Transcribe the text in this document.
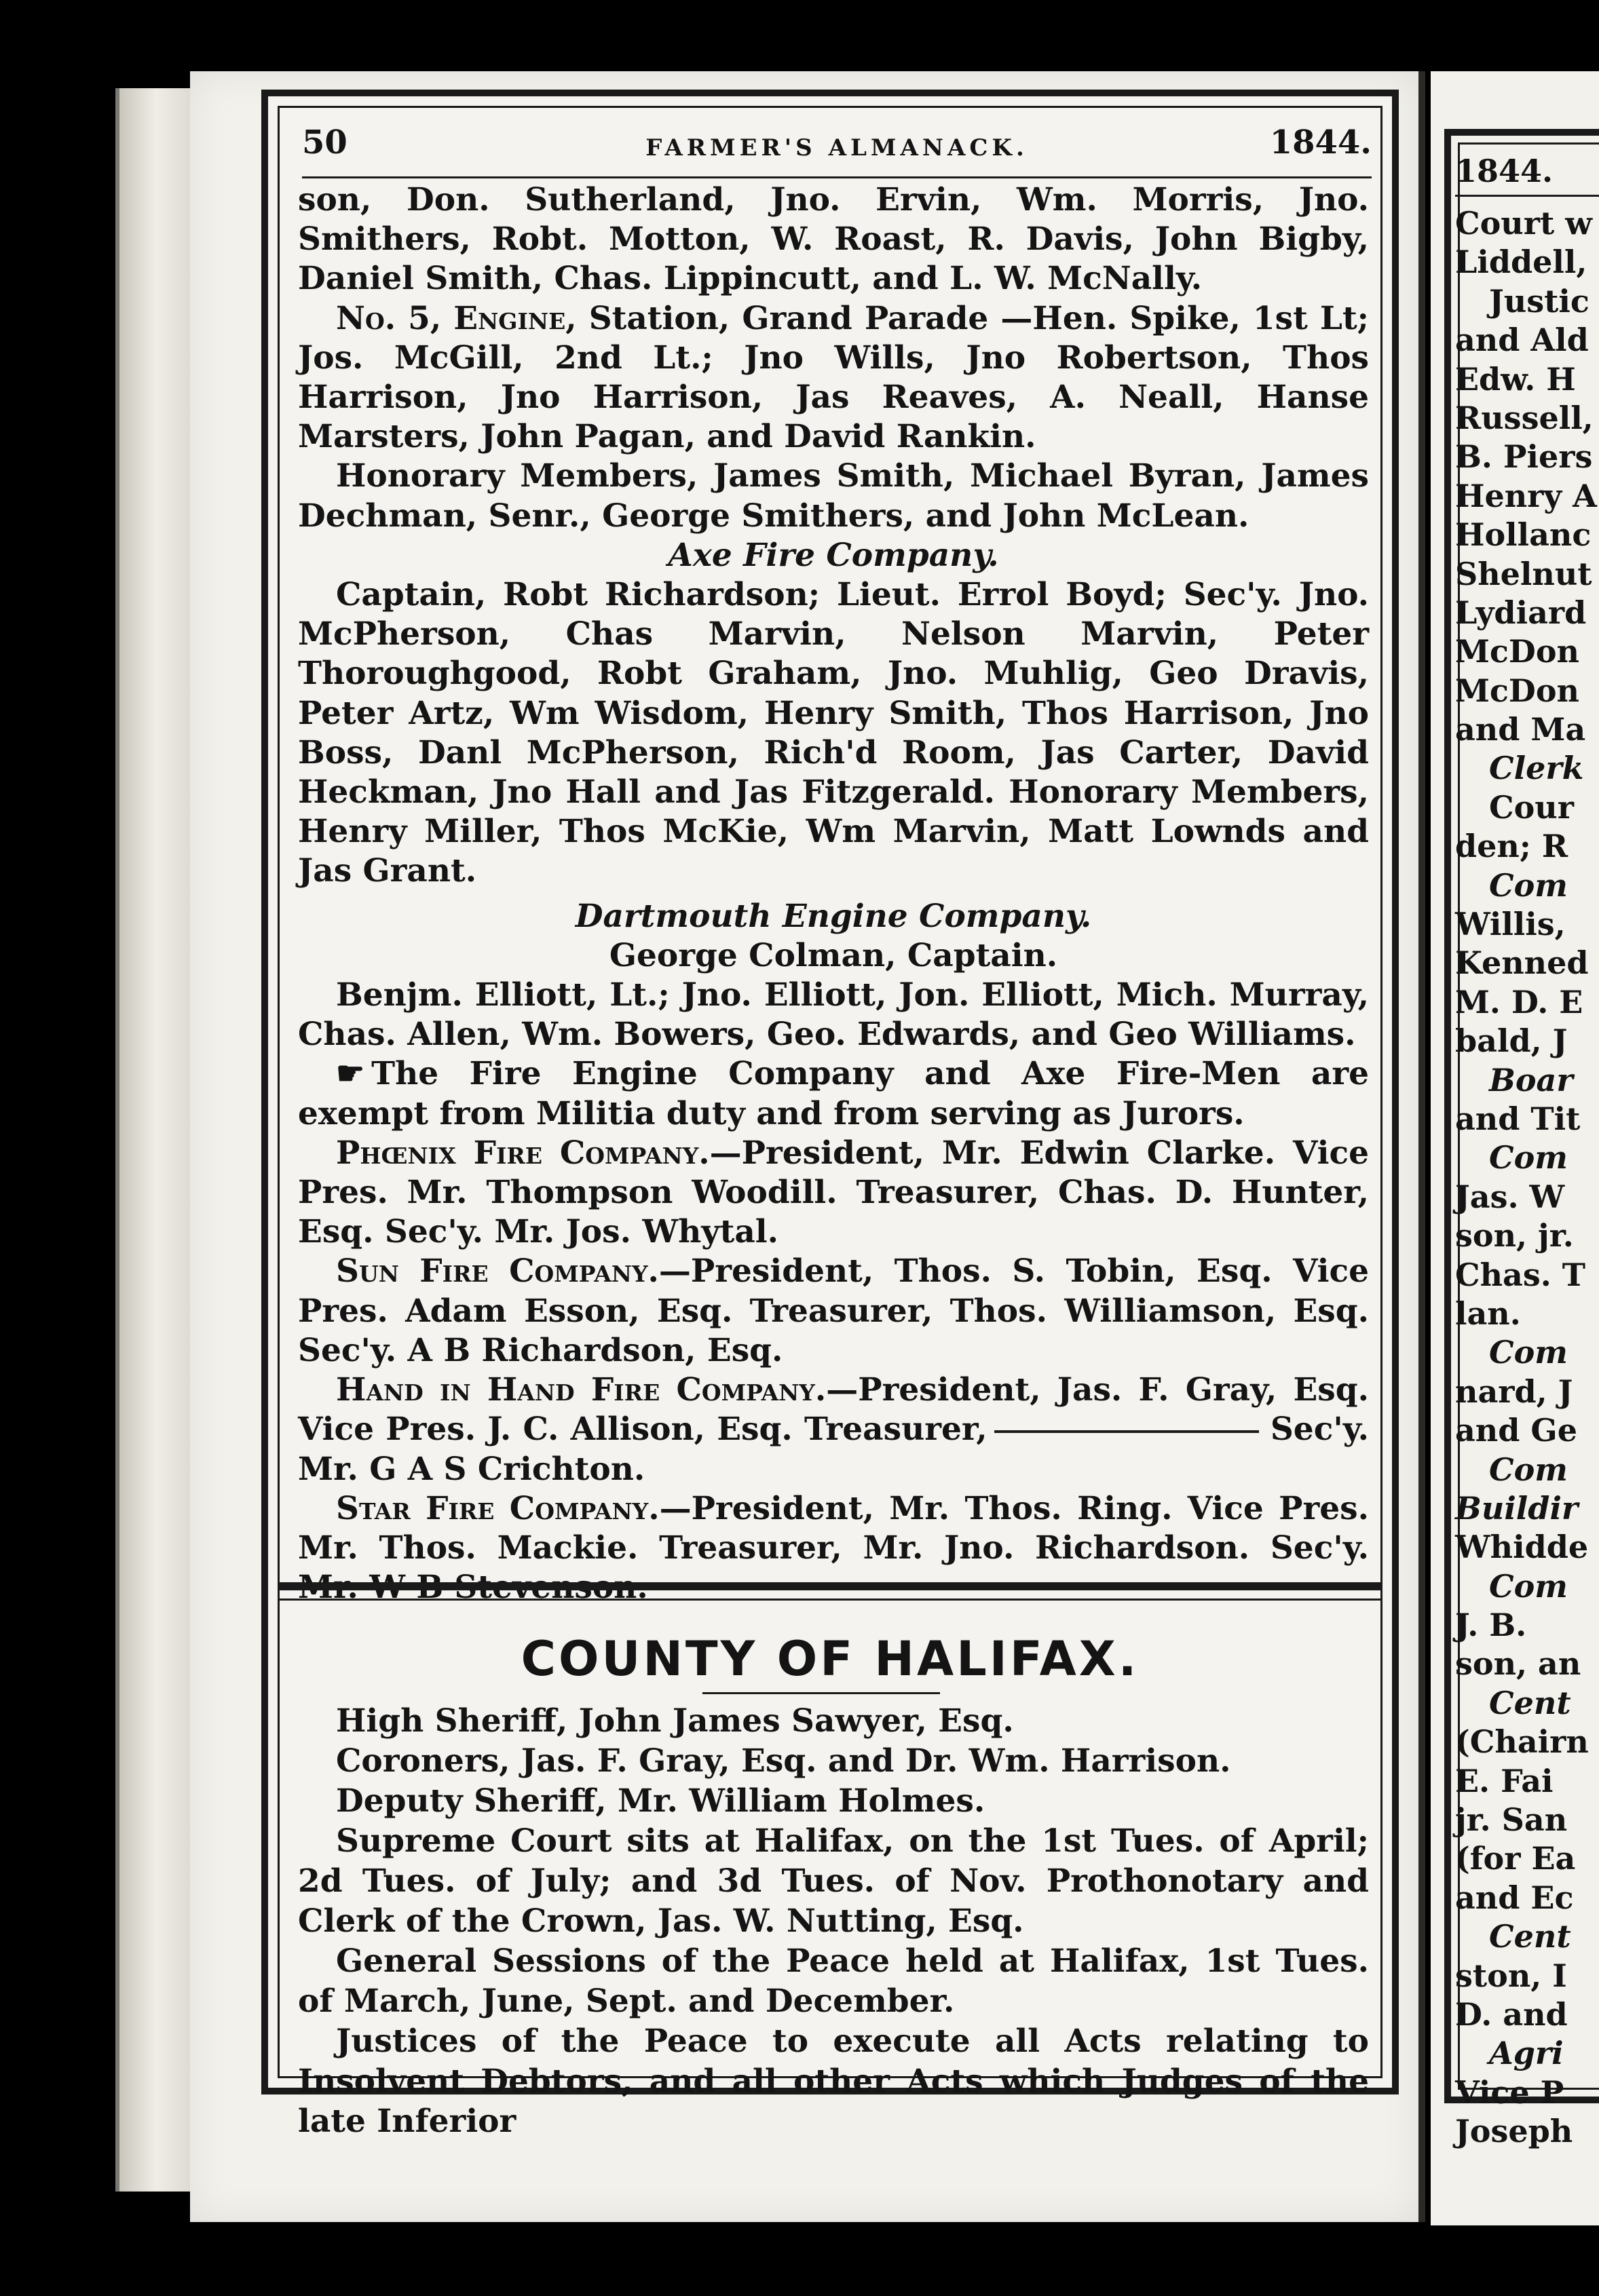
50	FARMER'S ALMANACK.	1844.

son, Don. Sutherland, Jno. Ervin, Wm. Morris, Jno. Smithers, Robt. Motton, W. Roast, R. Davis, John Bigby, Daniel Smith, Chas. Lippincutt, and L. W. McNally.

No. 5, Engine, Station, Grand Parade —Hen. Spike, 1st Lt; Jos. McGill, 2nd Lt.; Jno Wills, Jno Robertson, Thos Harrison, Jno Harrison, Jas Reaves, A. Neall, Hanse Marsters, John Pagan, and David Rankin.

Honorary Members, James Smith, Michael Byran, James Dechman, Senr., George Smithers, and John McLean.

Axe Fire Company.

Captain, Robt Richardson; Lieut. Errol Boyd; Sec'y. Jno. McPherson, Chas Marvin, Nelson Marvin, Peter Thoroughgood, Robt Graham, Jno. Muhlig, Geo Dravis, Peter Artz, Wm Wisdom, Henry Smith, Thos Harrison, Jno Boss, Danl McPherson, Rich'd Room, Jas Carter, David Heckman, Jno Hall and Jas Fitzgerald. Honorary Members, Henry Miller, Thos McKie, Wm Marvin, Matt Lownds and Jas Grant.

Dartmouth Engine Company.

George Colman, Captain.

Benjm. Elliott, Lt.; Jno. Elliott, Jon. Elliott, Mich. Murray, Chas. Allen, Wm. Bowers, Geo. Edwards, and Geo Williams.

☛ The Fire Engine Company and Axe Fire-Men are exempt from Militia duty and from serving as Jurors.

Phœnix Fire Company.—President, Mr. Edwin Clarke. Vice Pres. Mr. Thompson Woodill. Treasurer, Chas. D. Hunter, Esq. Sec'y. Mr. Jos. Whytal.

Sun Fire Company.—President, Thos. S. Tobin, Esq. Vice Pres. Adam Esson, Esq. Treasurer, Thos. Williamson, Esq. Sec'y. A B Richardson, Esq.

Hand in Hand Fire Company.—President, Jas. F. Gray, Esq. Vice Pres. J. C. Allison, Esq. Treasurer,	Sec'y. Mr. G A S Crichton.

Star Fire Company.—President, Mr. Thos. Ring. Vice Pres. Mr. Thos. Mackie. Treasurer, Mr. Jno. Richardson. Sec'y. Mr. W B Stevenson.

COUNTY OF HALIFAX.

High Sheriff, John James Sawyer, Esq.

Coroners, Jas. F. Gray, Esq. and Dr. Wm. Harrison.

Deputy Sheriff, Mr. William Holmes.

Supreme Court sits at Halifax, on the 1st Tues. of April; 2d Tues. of July; and 3d Tues. of Nov. Prothonotary and Clerk of the Crown, Jas. W. Nutting, Esq.

General Sessions of the Peace held at Halifax, 1st Tues. of March, June, Sept. and December.

Justices of the Peace to execute all Acts relating to Insolvent Debtors, and all other Acts which Judges of the late Inferior

1844.
Court w
Liddell,
Justic
and Ald
Edw. H
Russell,
B. Piers
Henry A
Hollanc
Shelnut
Lydiard
McDon
McDon
and Ma
Clerk
Cour
den; R
Com
Willis,
Kenned
M. D. E
bald, J
Boar
and Tit
Com
Jas. W
son, jr.
Chas. T
lan.
Com
nard, J
and Ge
Com
Buildir
Whidde
Com
J. B.
son, an
Cent
(Chairn
E. Fai
jr. San
(for Ea
and Ec
Cent
ston, I
D. and
Agri
Vice P
Joseph
